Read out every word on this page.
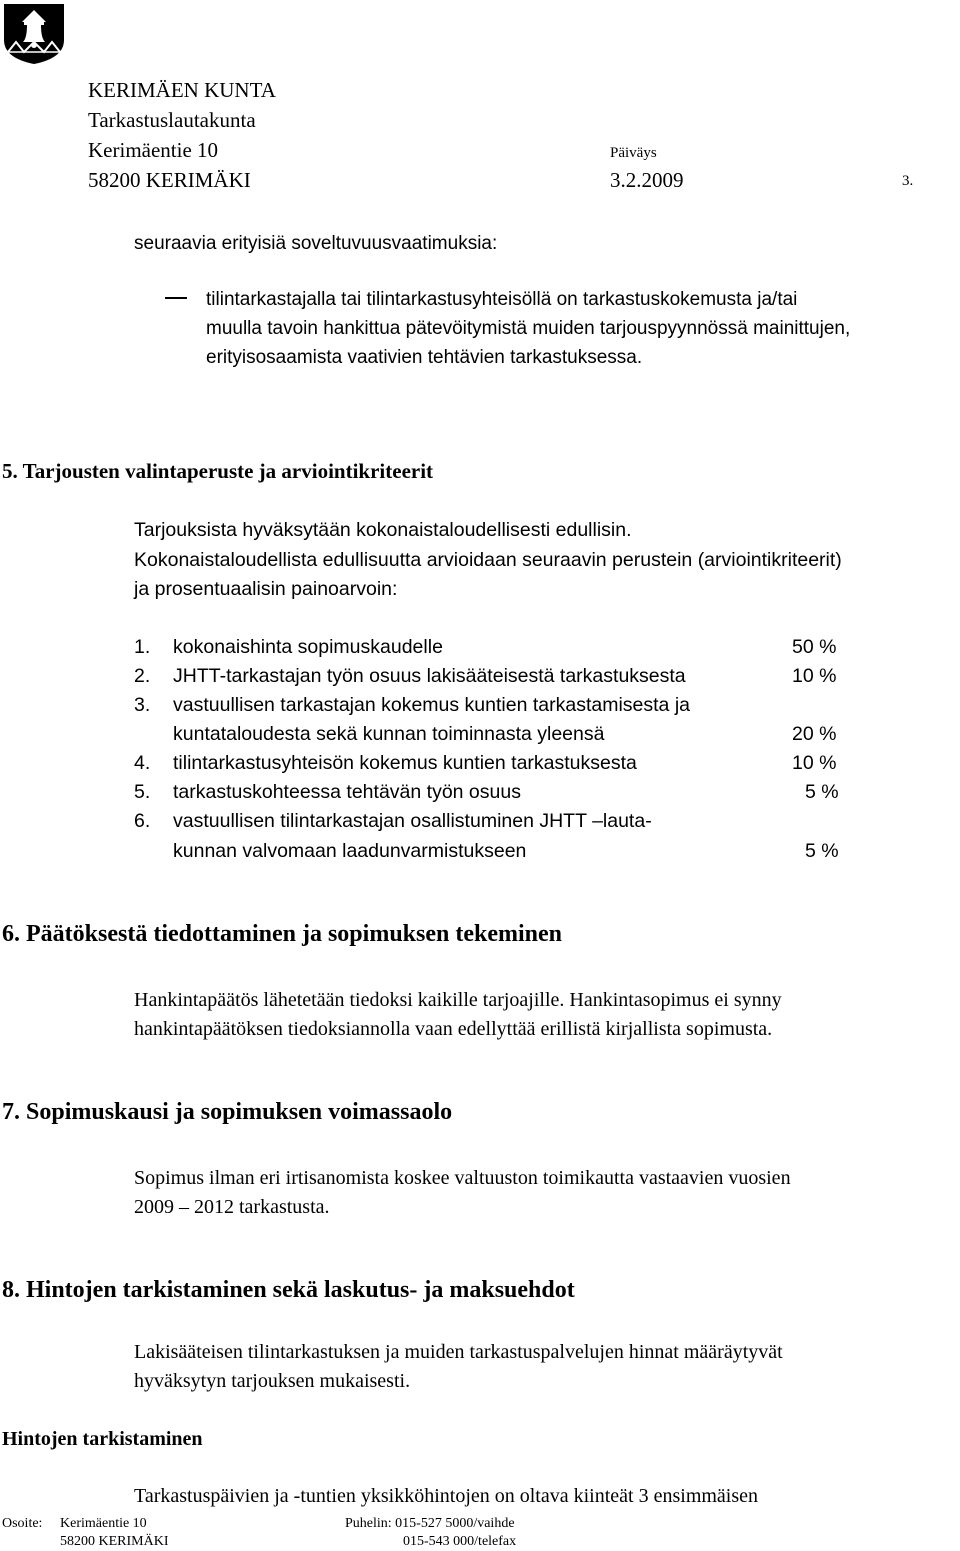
KERIMÄEN KUNTA
Tarkastuslautakunta
Kerimäentie 10
58200 KERIMÄKI
Päiväys
3.2.2009	3.
seuraavia erityisiä soveltuvuusvaatimuksia:
tilintarkastajalla tai tilintarkastusyhteisöllä on tarkastuskokemusta ja/tai
muulla tavoin hankittua pätevöitymistä muiden tarjouspyynnössä mainittujen,
erityisosaamista vaativien tehtävien tarkastuksessa.
5. Tarjousten valintaperuste ja arviointikriteerit
Tarjouksista hyväksytään kokonaistaloudellisesti edullisin.
Kokonaistaloudellista edullisuutta arvioidaan seuraavin perustein (arviointikriteerit)
ja prosentuaalisin painoarvoin:
1. kokonaishinta sopimuskaudelle	50 %
2. JHTT-tarkastajan työn osuus lakisääteisestä tarkastuksesta	10 %
3. vastuullisen tarkastajan kokemus kuntien tarkastamisesta ja
kuntataloudesta sekä kunnan toiminnasta yleensä	20 %
4. tilintarkastusyhteisön kokemus kuntien tarkastuksesta	10 %
5. tarkastuskohteessa tehtävän työn osuus	5 %
6. vastuullisen tilintarkastajan osallistuminen JHTT –lauta-
kunnan valvomaan laadunvarmistukseen	5 %
6. Päätöksestä tiedottaminen ja sopimuksen tekeminen
Hankintapäätös lähetetään tiedoksi kaikille tarjoajille. Hankintasopimus ei synny
hankintapäätöksen tiedoksiannolla vaan edellyttää erillistä kirjallista sopimusta.
7. Sopimuskausi ja sopimuksen voimassaolo
Sopimus ilman eri irtisanomista koskee valtuuston toimikautta vastaavien vuosien
2009 – 2012 tarkastusta.
8. Hintojen tarkistaminen sekä laskutus- ja maksuehdot
Lakisääteisen tilintarkastuksen ja muiden tarkastuspalvelujen hinnat määräytyvät
hyväksytyn tarjouksen mukaisesti.
Hintojen tarkistaminen
Tarkastuspäivien ja -tuntien yksikköhintojen on oltava kiinteät 3 ensimmäisen
Osoite: Kerimäentie 10
58200 KERIMÄKI
Puhelin: 015-527 5000/vaihde
015-543 000/telefax
